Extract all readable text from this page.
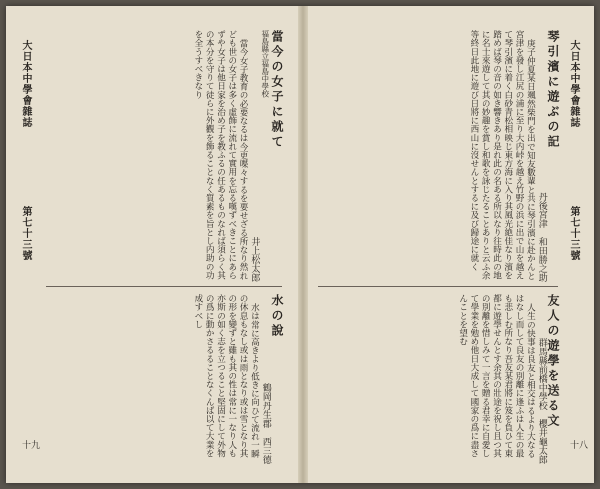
大日本中學會雜誌
第七十三號
十九
當今の女子に就て
福島縣立福島中學校
井上松太郎

當今女子教育の必要なるは今更喋々するを要せざる所なり然れども世の女子は多く虛飾に流れて實用を忘る嘆ずべきことにあらずや女子は他日家を治め子を教ふるの任あるものなれば須らく其の本分を守りて徒らに外觀を飾ることなく質素を旨とし内助の功を全うすべきなり

水の說
鶴岡丹生郡　西三德

水は常に高きより低きに向ひて流れ一瞬の休息もなし或は雨となり或は雪となり其の形を變ずと雖も其の性は常に一なり人も亦斯の如く志を立つること堅固にして外物の爲に動かさるることなくんば以て大業を成すべし

大日本中學會雜誌
第七十三號
十八
琴引濱に遊ぶの記
丹後宮津　和田勝之助

庚子仲夏某日颯然柴門を出で知友數輩と共に琴引濱に赴かんと宮津を發し江尻の浦に至り大内峠を越え竹野の浜に出で山を越えて琴引濱に着く白砂青松相映じ東方海に入り其風光絶佳なり濱を踏めば琴の音の如き響きあり是れ此の名ある所以なり往時此の地に名士來遊して其の妙趣を賞し和歌を詠じたることありと云ふ余等終日此地に遊び日將に西山に沒せんとするに及び歸途に就く

友人の遊學を送る文
群馬縣前橋中學校　櫻井龜太郎

人生の快事は良友と相交はるより大なるはなし而して良友の別離に逢ふは人生の最も悲しむ所なり吾友某君將に笈を負ひて東都に遊學せんとす余其の壯途を祝し且つ其の別離を惜しみて一言を贈る君幸に自愛して學業を勉め他日大成して國家の爲に盡さんことを望む
